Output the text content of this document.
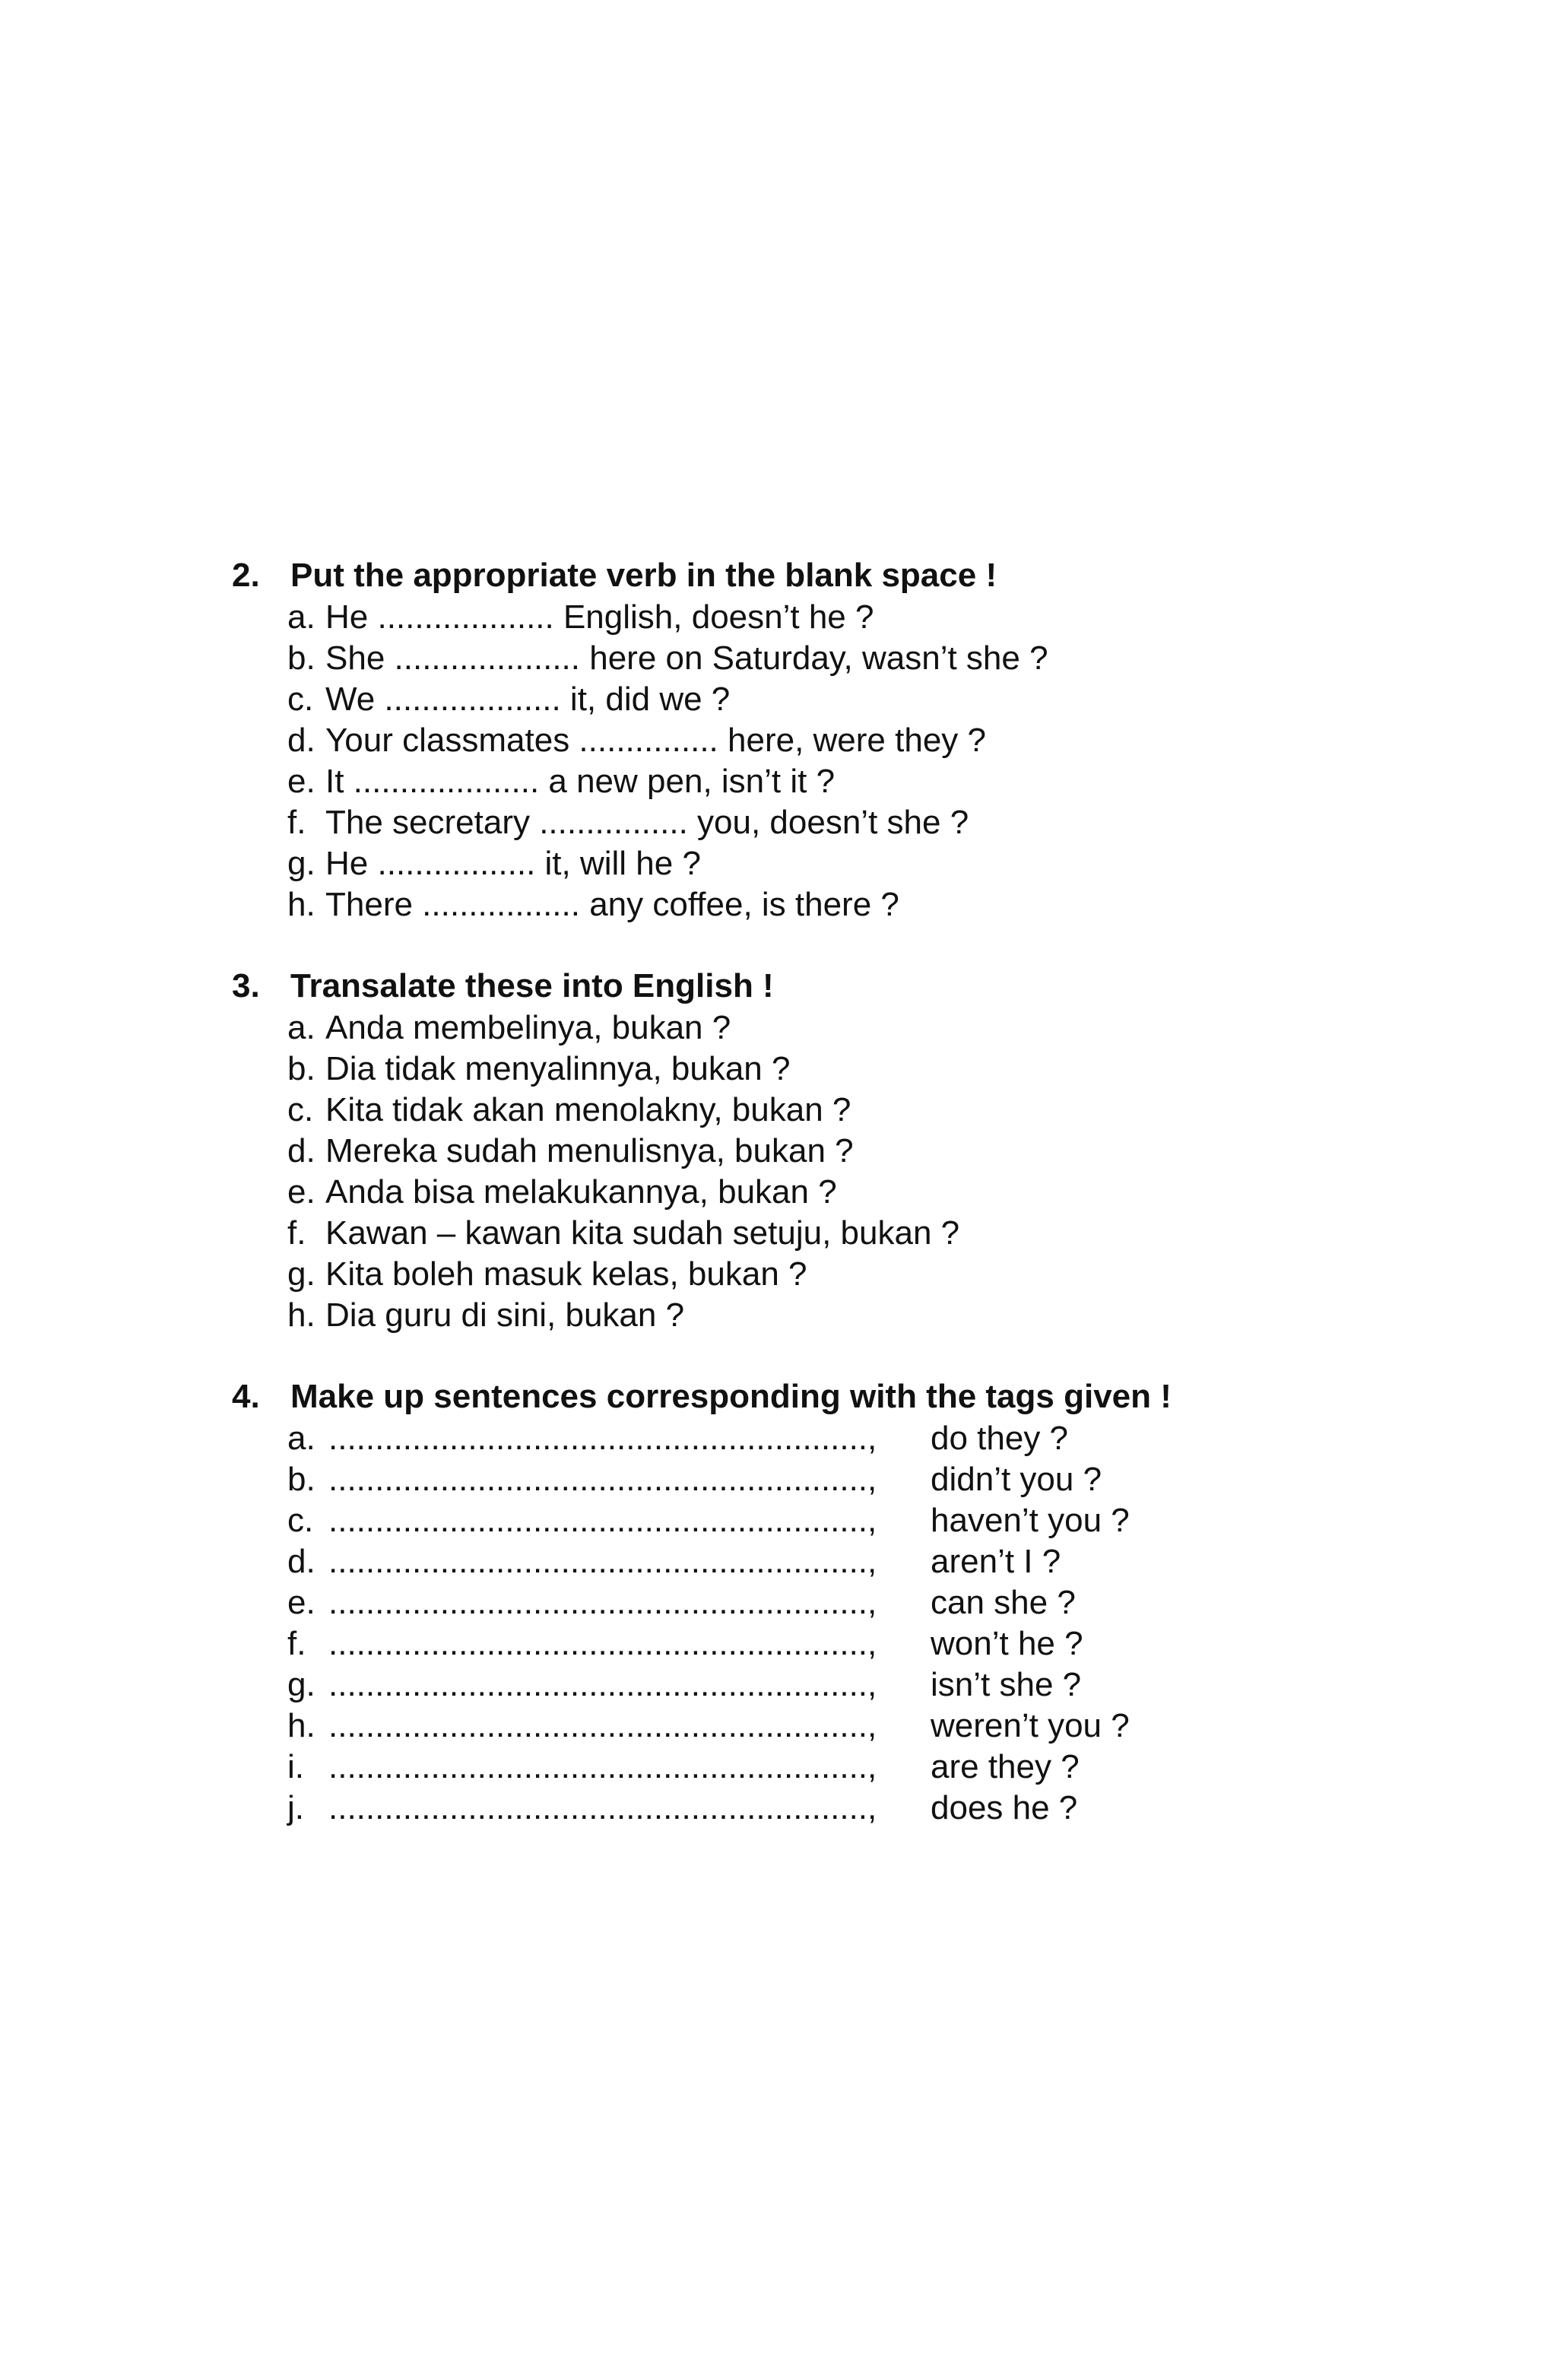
2. Put the appropriate verb in the blank space !
a. He ................... English, doesn’t he ?
b. She .................... here on Saturday, wasn’t she ?
c. We ................... it, did we ?
d. Your classmates ............... here, were they ?
e. It .................... a new pen, isn’t it ?
f. The secretary ................ you, doesn’t she ?
g. He ................. it, will he ?
h. There ................. any coffee, is there ?
3. Transalate these into English !
a. Anda membelinya, bukan ?
b. Dia tidak menyalinnya, bukan ?
c. Kita tidak akan menolakny, bukan ?
d. Mereka sudah menulisnya, bukan ?
e. Anda bisa melakukannya, bukan ?
f. Kawan – kawan kita sudah setuju, bukan ?
g. Kita boleh masuk kelas, bukan ?
h. Dia guru di sini, bukan ?
4. Make up sentences corresponding with the tags given !
a. .........................................................., do they ?
b. .........................................................., didn’t you ?
c. .........................................................., haven’t you ?
d. .........................................................., aren’t I ?
e. .........................................................., can she ?
f. .........................................................., won’t he ?
g. .........................................................., isn’t she ?
h. .........................................................., weren’t you ?
i. .........................................................., are they ?
j. .........................................................., does he ?
